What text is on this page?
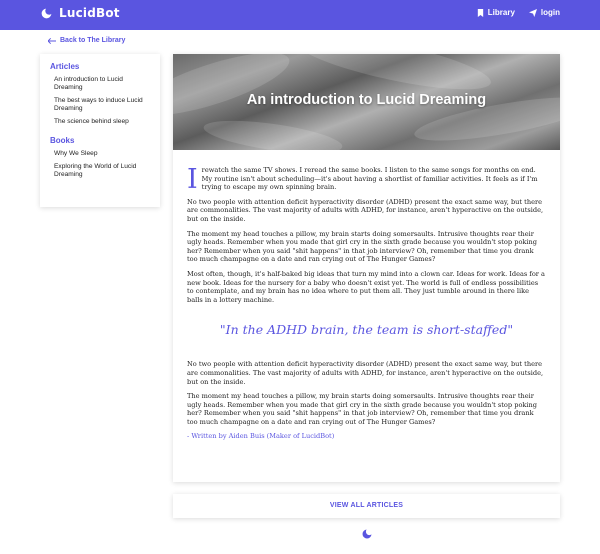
LucidBot	Library	login
Back to The Library
Articles
An introduction to Lucid Dreaming
The best ways to induce Lucid Dreaming
The science behind sleep
Books
Why We Sleep
Exploring the World of Lucid Dreaming
An introduction to Lucid Dreaming

Irewatch the same TV shows. I reread the same books. I listen to the same songs for months on end. My routine isn't about scheduling—it's about having a shortlist of familiar activities. It feels as if I'm trying to escape my own spinning brain.

No two people with attention deficit hyperactivity disorder (ADHD) present the exact same way, but there are commonalities. The vast majority of adults with ADHD, for instance, aren't hyperactive on the outside, but on the inside.

The moment my head touches a pillow, my brain starts doing somersaults. Intrusive thoughts rear their ugly heads. Remember when you made that girl cry in the sixth grade because you wouldn't stop poking her? Remember when you said "shit happens" in that job interview? Oh, remember that time you drank too much champagne on a date and ran crying out of The Hunger Games?

Most often, though, it's half-baked big ideas that turn my mind into a clown car. Ideas for work. Ideas for a new book. Ideas for the nursery for a baby who doesn't exist yet. The world is full of endless possibilities to contemplate, and my brain has no idea where to put them all. They just tumble around in there like balls in a lottery machine.

"In the ADHD brain, the team is short-staffed"

No two people with attention deficit hyperactivity disorder (ADHD) present the exact same way, but there are commonalities. The vast majority of adults with ADHD, for instance, aren't hyperactive on the outside, but on the inside.

The moment my head touches a pillow, my brain starts doing somersaults. Intrusive thoughts rear their ugly heads. Remember when you made that girl cry in the sixth grade because you wouldn't stop poking her? Remember when you said "shit happens" in that job interview? Oh, remember that time you drank too much champagne on a date and ran crying out of The Hunger Games?

- Written by Aiden Buis (Maker of LucidBot)

VIEW ALL ARTICLES
